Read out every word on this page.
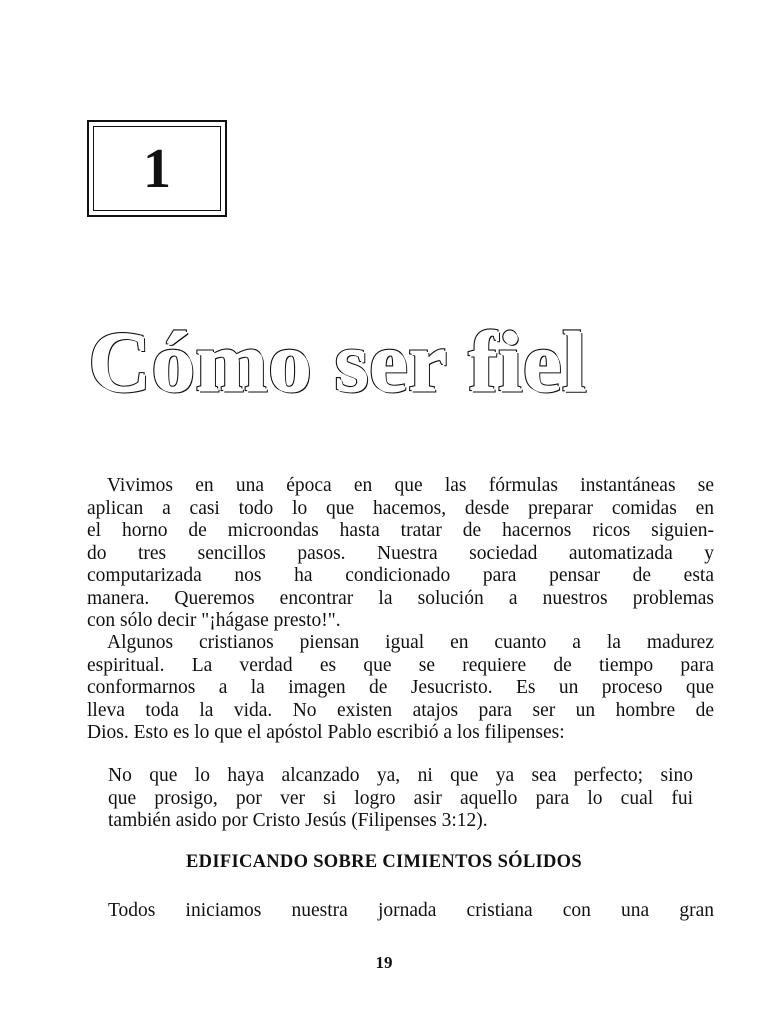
1
Cómo ser fiel
Vivimos en una época en que las fórmulas instantáneas se
aplican a casi todo lo que hacemos, desde preparar comidas en
el horno de microondas hasta tratar de hacernos ricos siguien-
do tres sencillos pasos. Nuestra sociedad automatizada y
computarizada nos ha condicionado para pensar de esta
manera. Queremos encontrar la solución a nuestros problemas
con sólo decir "¡hágase presto!".
Algunos cristianos piensan igual en cuanto a la madurez
espiritual. La verdad es que se requiere de tiempo para
conformarnos a la imagen de Jesucristo. Es un proceso que
lleva toda la vida. No existen atajos para ser un hombre de
Dios. Esto es lo que el apóstol Pablo escribió a los filipenses:
No que lo haya alcanzado ya, ni que ya sea perfecto; sino
que prosigo, por ver si logro asir aquello para lo cual fui
también asido por Cristo Jesús (Filipenses 3:12).
EDIFICANDO SOBRE CIMIENTOS SÓLIDOS
Todos iniciamos nuestra jornada cristiana con una gran
19
